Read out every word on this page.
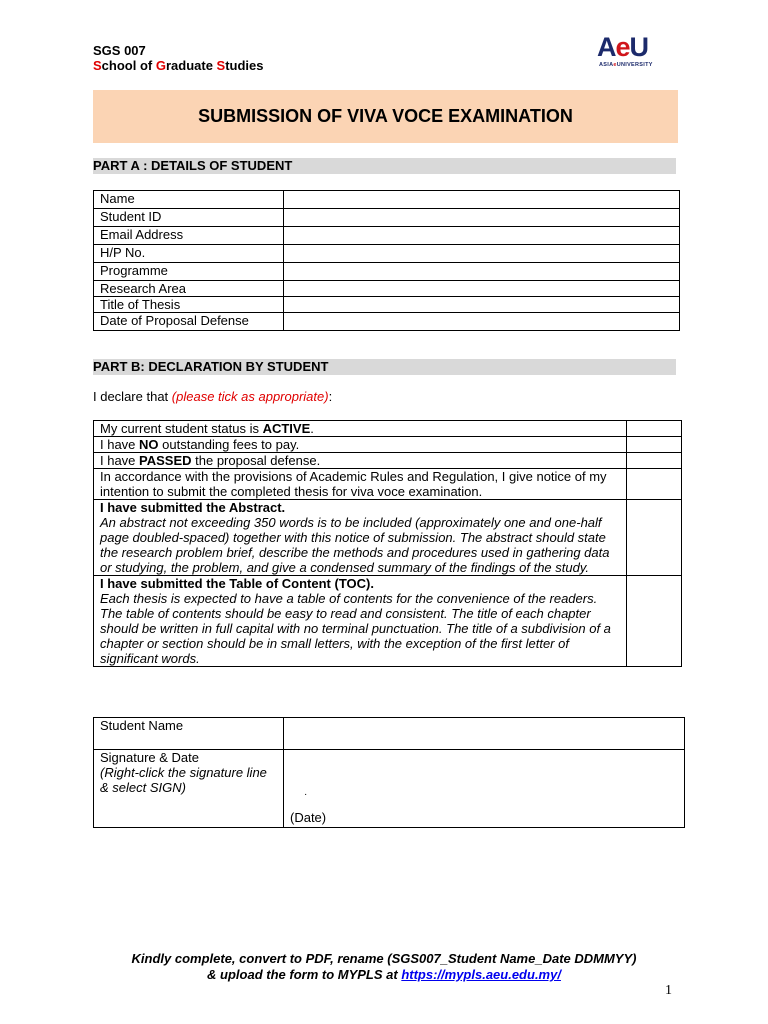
SGS 007
School of Graduate Studies
AeU
ASIAeUNIVERSITY
SUBMISSION OF VIVA VOCE EXAMINATION
PART A : DETAILS OF STUDENT
Name	
Student ID	
Email Address	
H/P No.	
Programme	
Research Area	
Title of Thesis	
Date of Proposal Defense	
PART B: DECLARATION BY STUDENT
I declare that (please tick as appropriate):
My current student status is ACTIVE.	
I have NO outstanding fees to pay.	
I have PASSED the proposal defense.	
In accordance with the provisions of Academic Rules and Regulation, I give notice of my intention to submit the completed thesis for viva voce examination.	
I have submitted the Abstract.
An abstract not exceeding 350 words is to be included (approximately one and one-half page doubled-spaced) together with this notice of submission. The abstract should state the research problem brief, describe the methods and procedures used in gathering data or studying, the problem, and give a condensed summary of the findings of the study.	
I have submitted the Table of Content (TOC).
Each thesis is expected to have a table of contents for the convenience of the readers. The table of contents should be easy to read and consistent. The title of each chapter should be written in full capital with no terminal punctuation. The title of a subdivision of a chapter or section should be in small letters, with the exception of the first letter of significant words.	
Student Name	
Signature & Date
(Right-click the signature line & select SIGN)	·
(Date)
Kindly complete, convert to PDF, rename (SGS007_Student Name_Date DDMMYY)
& upload the form to MYPLS at https://mypls.aeu.edu.my/
1
